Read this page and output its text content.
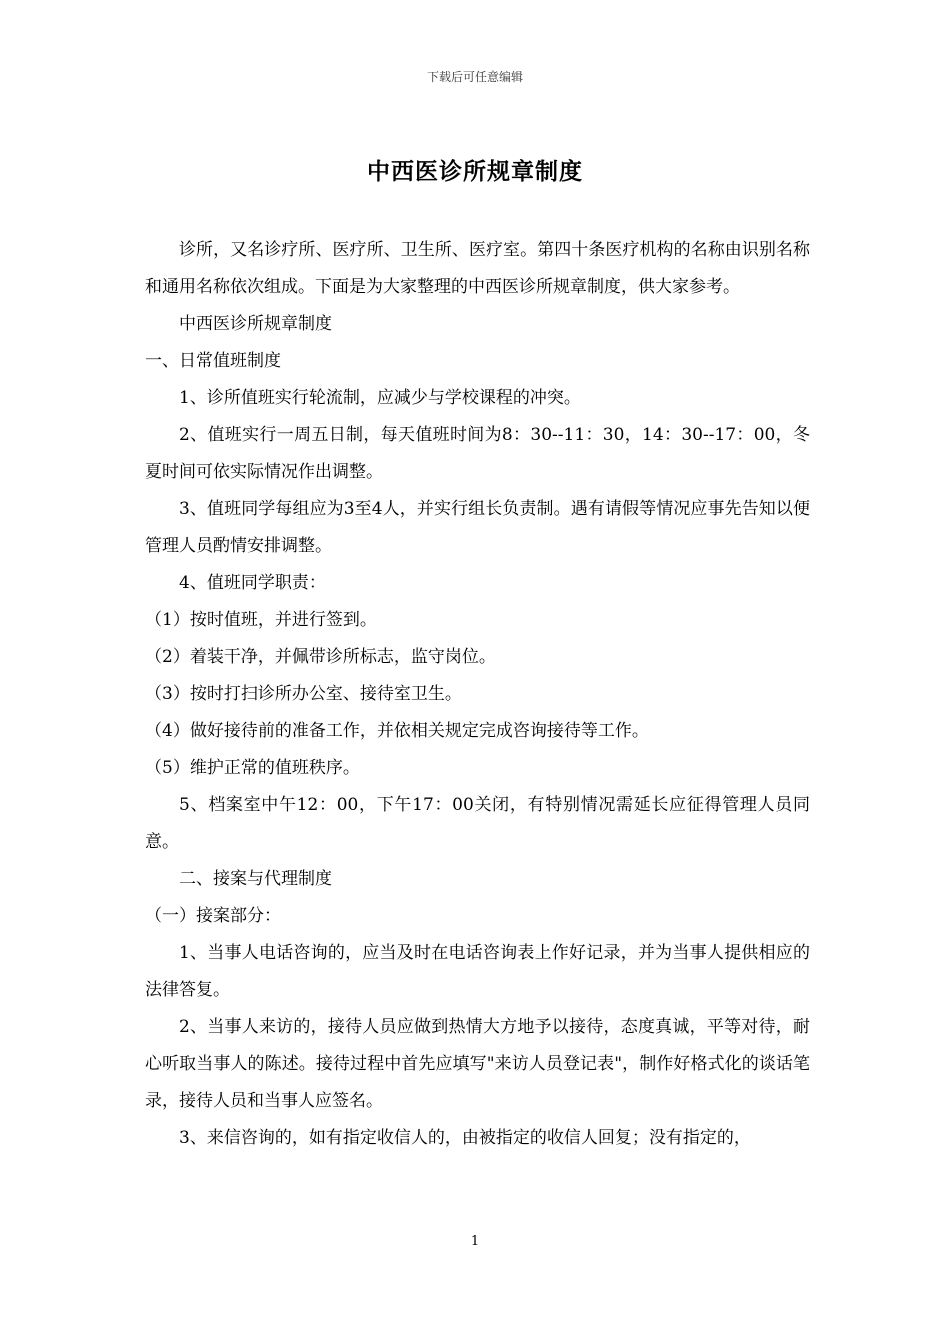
下载后可任意编辑
中西医诊所规章制度

诊所，又名诊疗所、医疗所、卫生所、医疗室。第四十条医疗机构的名称由识别名称和通用名称依次组成。下面是为大家整理的中西医诊所规章制度，供大家参考。

中西医诊所规章制度

一、日常值班制度

1、诊所值班实行轮流制，应减少与学校课程的冲突。

2、值班实行一周五日制，每天值班时间为8：30--11：30，14：30--17：00，冬夏时间可依实际情况作出调整。

3、值班同学每组应为3至4人，并实行组长负责制。遇有请假等情况应事先告知以便管理人员酌情安排调整。

4、值班同学职责：

（1）按时值班，并进行签到。

（2）着装干净，并佩带诊所标志，监守岗位。

（3）按时打扫诊所办公室、接待室卫生。

（4）做好接待前的准备工作，并依相关规定完成咨询接待等工作。

（5）维护正常的值班秩序。

5、档案室中午12：00，下午17：00关闭，有特别情况需延长应征得管理人员同意。

二、接案与代理制度

（一）接案部分：

1、当事人电话咨询的，应当及时在电话咨询表上作好记录，并为当事人提供相应的法律答复。

2、当事人来访的，接待人员应做到热情大方地予以接待，态度真诚，平等对待，耐心听取当事人的陈述。接待过程中首先应填写"来访人员登记表"，制作好格式化的谈话笔录，接待人员和当事人应签名。

3、来信咨询的，如有指定收信人的，由被指定的收信人回复；没有指定的，

1
